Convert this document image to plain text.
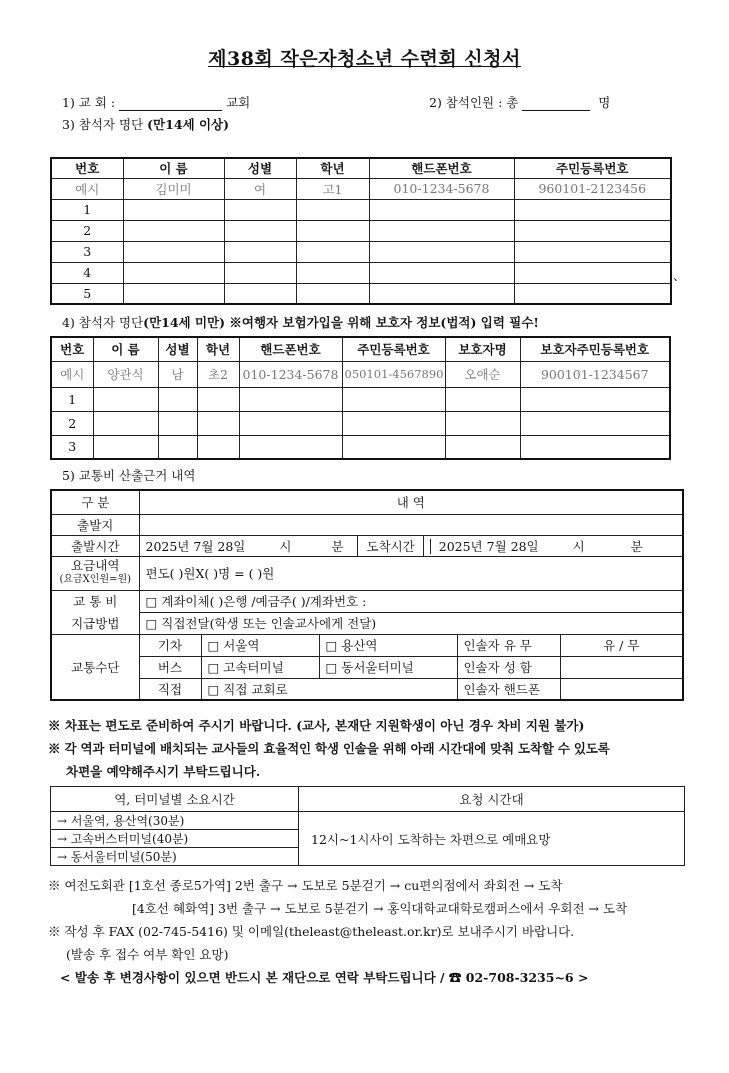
제38회 작은자청소년 수련회 신청서
1) 교 회 :	교회	2) 참석인원 : 총	명
3) 참석자 명단 (만14세 이상)
번호	이 름	성별	학년	핸드폰번호	주민등록번호
예시	김미미	여	고1	010-1234-5678	960101-2123456
1					
2					
3					
4					
5					
、
4) 참석자 명단(만14세 미만) ※여행자 보험가입을 위해 보호자 정보(법적) 입력 필수!
번호	이 름	성별	학년	핸드폰번호	주민등록번호	보호자명	보호자주민등록번호
예시	양관식	남	초2	010-1234-5678	050101-4567890	오애순	900101-1234567
1							
2							
3							
5) 교통비 산출근거 내역
구 분	내 역				
출발지					
출발시간	2025년 7월 28일 시 분 도착시간 2025년 7월 28일 시 분				

요금내역
(요금X인원=원)	편도( )원X( )명 = ( )원				
교 통 비	□ 계좌이체( )은행 /예금주( )/계좌번호 :				
지급방법	□ 직접전달(학생 또는 인솔교사에게 전달)				
교통수단	기차	□ 서울역	□ 용산역	인솔자 유 무	유 / 무
	버스	□ 고속터미널	□ 동서울터미널	인솔자 성 함	
	직접	□ 직접 교회로		인솔자 핸드폰	
※ 차표는 편도로 준비하여 주시기 바랍니다. (교사, 본재단 지원학생이 아닌 경우 차비 지원 불가)
※ 각 역과 터미널에 배치되는 교사들의 효율적인 학생 인솔을 위해 아래 시간대에 맞춰 도착할 수 있도록
차편을 예약해주시기 부탁드립니다.
역, 터미널별 소요시간	요청 시간대
→ 서울역, 용산역(30분)	12시~1시사이 도착하는 차편으로 예매요망
→ 고속버스터미널(40분)	
→ 동서울터미널(50분)	
※ 여전도회관 [1호선 종로5가역] 2번 출구 → 도보로 5분걷기 → cu편의점에서 좌회전 → 도착
[4호선 혜화역] 3번 출구 → 도보로 5분걷기 → 홍익대학교대학로캠퍼스에서 우회전 → 도착
※ 작성 후 FAX (02-745-5416) 및 이메일(theleast@theleast.or.kr)로 보내주시기 바랍니다.
(발송 후 접수 여부 확인 요망)
< 발송 후 변경사항이 있으면 반드시 본 재단으로 연락 부탁드립니다 / ☎ 02-708-3235~6 >
